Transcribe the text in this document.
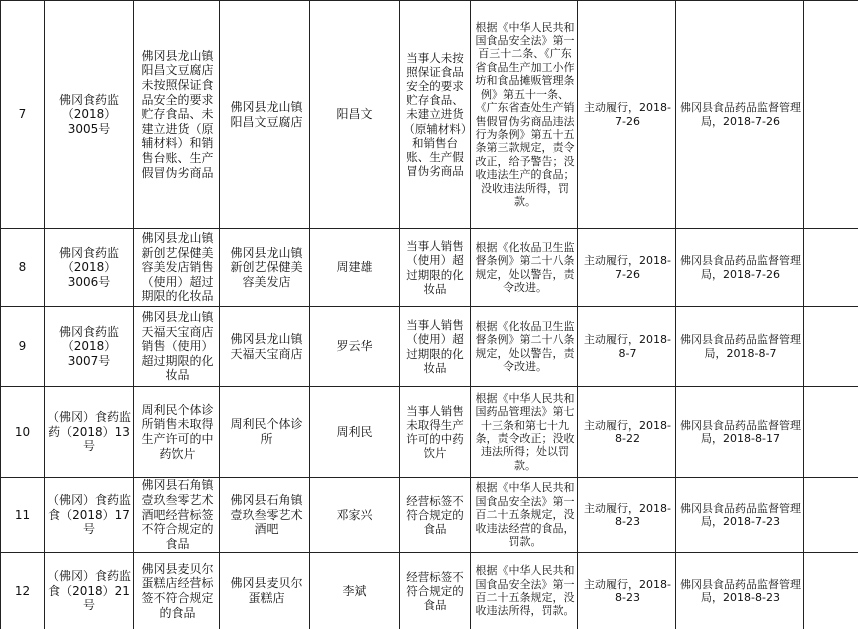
7	佛冈食药监（2018）3005号	佛冈县龙山镇阳昌文豆腐店未按照保证食品安全的要求贮存食品、未建立进货（原辅材料）和销售台账、生产假冒伪劣商品	佛冈县龙山镇阳昌文豆腐店	阳昌文	当事人未按照保证食品安全的要求贮存食品、未建立进货（原辅材料）和销售台账、生产假冒伪劣商品	根据《中华人民共和国食品安全法》第一百三十二条、《广东省食品生产加工小作坊和食品摊贩管理条例》第五十一条、《广东省查处生产销售假冒伪劣商品违法行为条例》第五十五条第三款规定，责令改正，给予警告；没收违法生产的食品；没收违法所得，罚款。	主动履行，2018-7-26	佛冈县食品药品监督管理局，2018-7-26	
8	佛冈食药监（2018）3006号	佛冈县龙山镇新创艺保健美容美发店销售（使用）超过期限的化妆品	佛冈县龙山镇新创艺保健美容美发店	周建雄	当事人销售（使用）超过期限的化妆品	根据《化妆品卫生监督条例》第二十八条规定，处以警告，责令改进。	主动履行，2018-7-26	佛冈县食品药品监督管理局，2018-7-26	
9	佛冈食药监（2018）3007号	佛冈县龙山镇天福天宝商店销售（使用）超过期限的化妆品	佛冈县龙山镇天福天宝商店	罗云华	当事人销售（使用）超过期限的化妆品	根据《化妆品卫生监督条例》第二十八条规定，处以警告，责令改进。	主动履行，2018-8-7	佛冈县食品药品监督管理局，2018-8-7	
10	（佛冈）食药监药（2018）13号	周利民个体诊所销售未取得生产许可的中药饮片	周利民个体诊所	周利民	当事人销售未取得生产许可的中药饮片	根据《中华人民共和国药品管理法》第七十三条和第七十九条，责令改正；没收违法所得；处以罚款。	主动履行，2018-8-22	佛冈县食品药品监督管理局，2018-8-17	
11	（佛冈）食药监食（2018）17号	佛冈县石角镇壹玖叁零艺术酒吧经营标签不符合规定的食品	佛冈县石角镇壹玖叁零艺术酒吧	邓家兴	经营标签不符合规定的食品	根据《中华人民共和国食品安全法》第一百二十五条规定，没收违法经营的食品，罚款。	主动履行，2018-8-23	佛冈县食品药品监督管理局，2018-7-23	
12	（佛冈）食药监食（2018）21号	佛冈县麦贝尔蛋糕店经营标签不符合规定的食品	佛冈县麦贝尔蛋糕店	李斌	经营标签不符合规定的食品	根据《中华人民共和国食品安全法》第一百二十五条规定，没收违法所得，罚款。	主动履行，2018-8-23	佛冈县食品药品监督管理局，2018-8-23	
